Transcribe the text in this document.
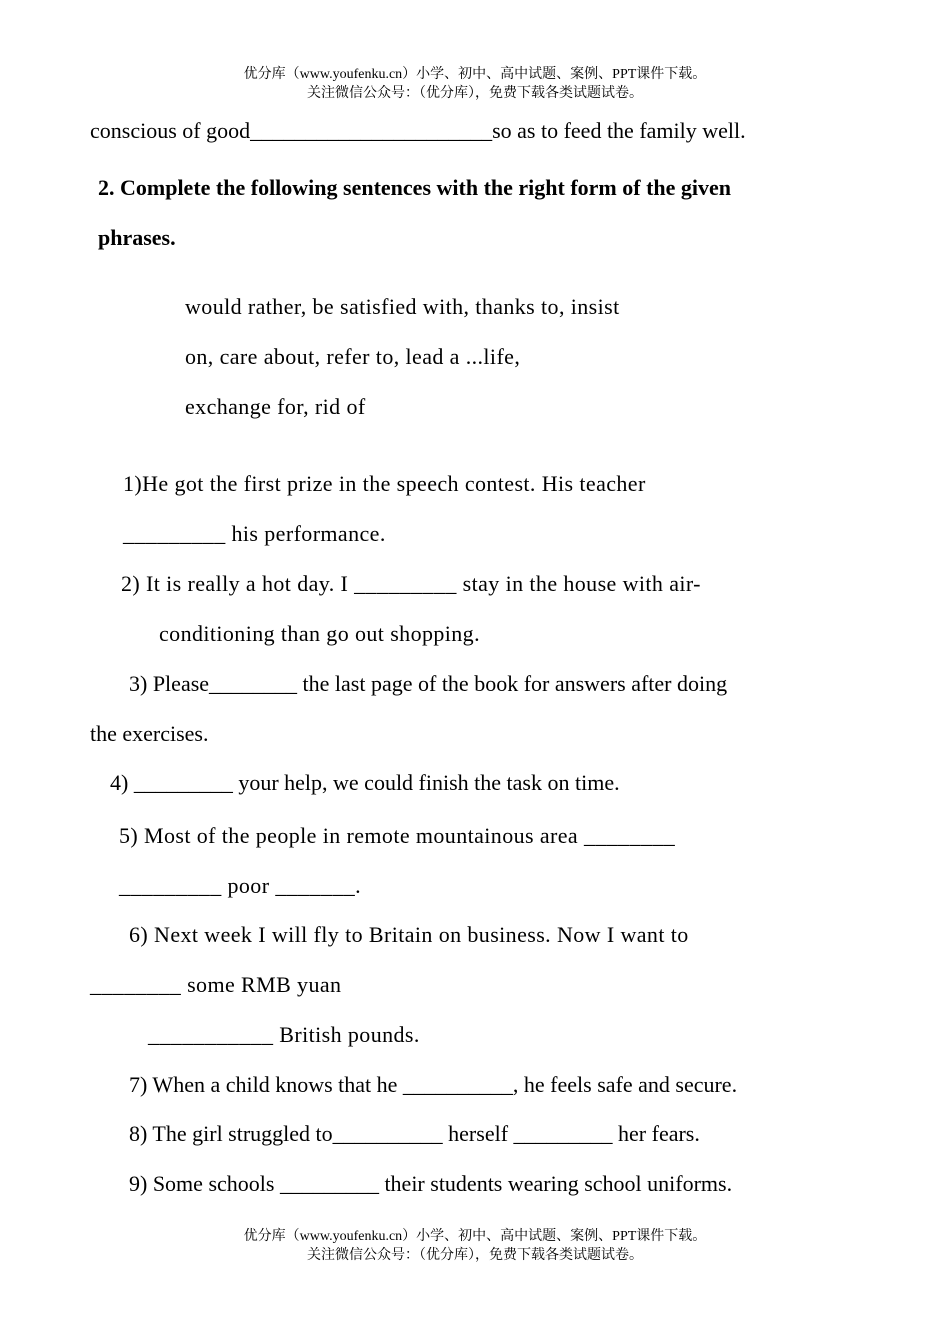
优分库（www.youfenku.cn）小学、初中、高中试题、案例、PPT课件下载。
关注微信公众号：（优分库），免费下载各类试题试卷。
conscious of good______________________so as to feed the family well.
2. Complete the following sentences with the right form of the given
phrases.
would rather, be satisfied with, thanks to, insist
on, care about, refer to, lead a ...life,
exchange for, rid of
1)He got the first prize in the speech contest. His teacher
_________ his performance.
2) It is really a hot day. I _________ stay in the house with air-
conditioning than go out shopping.
3) Please________ the last page of the book for answers after doing
the exercises.
4) _________ your help, we could finish the task on time.
5) Most of the people in remote mountainous area ________
_________ poor _______.
6) Next week I will fly to Britain on business. Now I want to
________ some RMB yuan
___________ British pounds.
7) When a child knows that he __________, he feels safe and secure.
8) The girl struggled to__________ herself _________ her fears.
9) Some schools _________ their students wearing school uniforms.
优分库（www.youfenku.cn）小学、初中、高中试题、案例、PPT课件下载。
关注微信公众号：（优分库），免费下载各类试题试卷。
